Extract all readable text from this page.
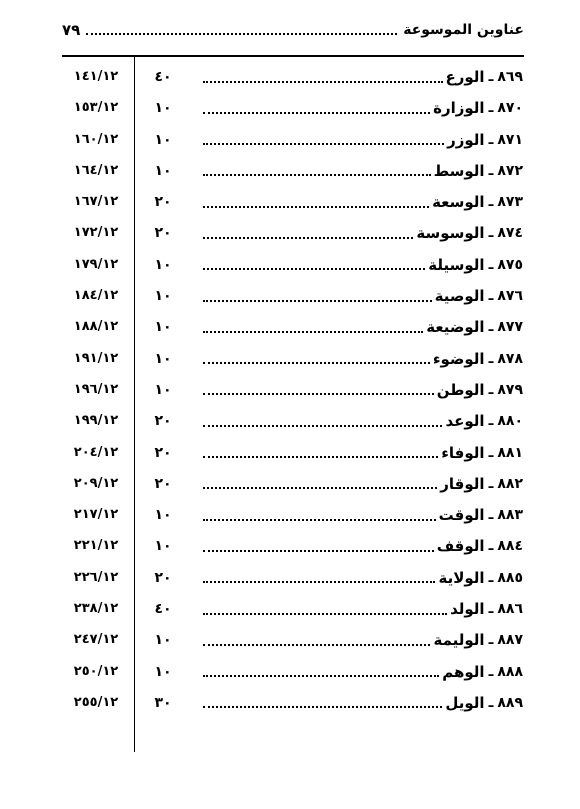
عناوين الموسوعة
٧٩
٨٦٩
ـ
الورع
٤٠
١٤١/١٢
٨٧٠
ـ
الوزارة
١٠
١٥٣/١٢
٨٧١
ـ
الوزر
١٠
١٦٠/١٢
٨٧٢
ـ
الوسط
١٠
١٦٤/١٢
٨٧٣
ـ
الوسعة
٢٠
١٦٧/١٢
٨٧٤
ـ
الوسوسة
٢٠
١٧٢/١٢
٨٧٥
ـ
الوسيلة
١٠
١٧٩/١٢
٨٧٦
ـ
الوصية
١٠
١٨٤/١٢
٨٧٧
ـ
الوضيعة
١٠
١٨٨/١٢
٨٧٨
ـ
الوضوء
١٠
١٩١/١٢
٨٧٩
ـ
الوطن
١٠
١٩٦/١٢
٨٨٠
ـ
الوعد
٢٠
١٩٩/١٢
٨٨١
ـ
الوفاء
٢٠
٢٠٤/١٢
٨٨٢
ـ
الوقار
٢٠
٢٠٩/١٢
٨٨٣
ـ
الوقت
١٠
٢١٧/١٢
٨٨٤
ـ
الوقف
١٠
٢٢١/١٢
٨٨٥
ـ
الولاية
٢٠
٢٢٦/١٢
٨٨٦
ـ
الولد
٤٠
٢٣٨/١٢
٨٨٧
ـ
الوليمة
١٠
٢٤٧/١٢
٨٨٨
ـ
الوهم
١٠
٢٥٠/١٢
٨٨٩
ـ
الويل
٣٠
٢٥٥/١٢
